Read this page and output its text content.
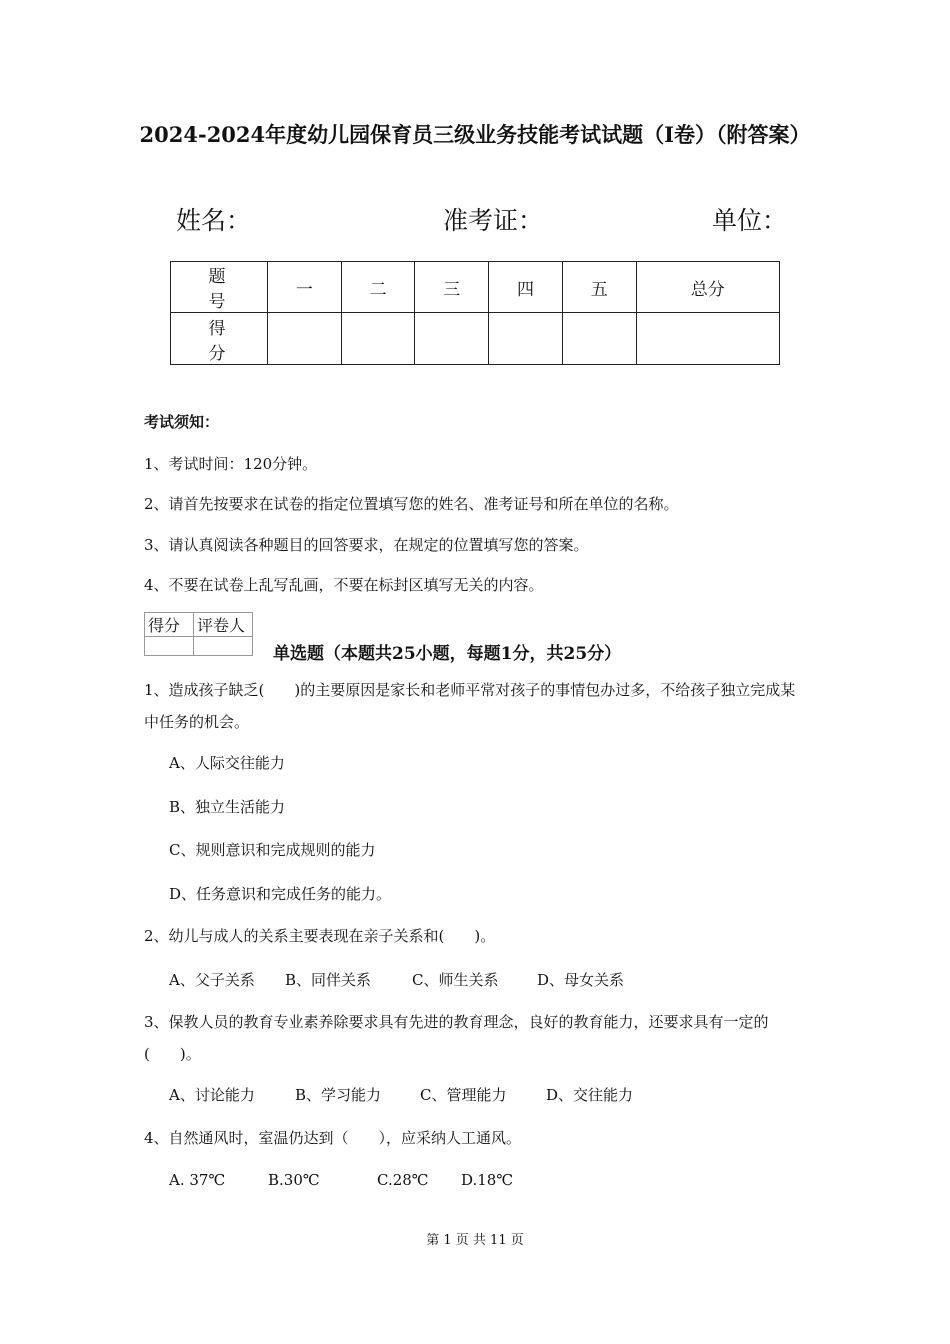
2024-2024年度幼儿园保育员三级业务技能考试试题（I卷）（附答案）
姓名：	准考证：	单位：
题　号	一	二	三	四	五	总分
得　分						
考试须知：
1、考试时间：120分钟。
2、请首先按要求在试卷的指定位置填写您的姓名、准考证号和所在单位的名称。
3、请认真阅读各种题目的回答要求，在规定的位置填写您的答案。
4、不要在试卷上乱写乱画，不要在标封区填写无关的内容。
得分	评卷人

单选题（本题共25小题，每题1分，共25分）
1、造成孩子缺乏(　　)的主要原因是家长和老师平常对孩子的事情包办过多，不给孩子独立完成某中任务的机会。
A、人际交往能力
B、独立生活能力
C、规则意识和完成规则的能力
D、任务意识和完成任务的能力。
2、幼儿与成人的关系主要表现在亲子关系和(　　)。
A、父子关系 B、同伴关系	C、师生关系	D、母女关系
3、保教人员的教育专业素养除要求具有先进的教育理念，良好的教育能力，还要求具有一定的(　　)。
A、讨论能力	B、学习能力	C、管理能力	D、交往能力
4、自然通风时，室温仍达到（　　），应采纳人工通风。
A. 37℃	B.30℃	C.28℃ D.18℃
第 1 页 共 11 页
